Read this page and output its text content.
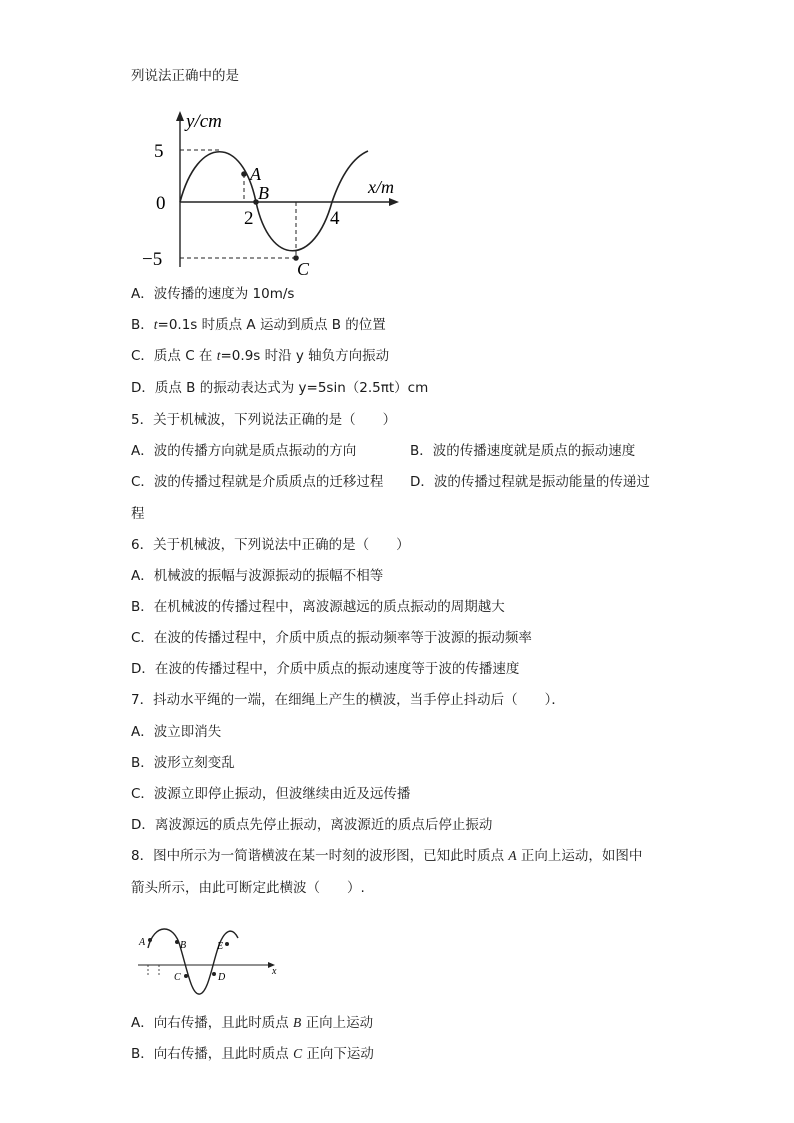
列说法正确中的是
y/cm
x/m
5
0
−5
2	4
A
B
C
A．波传播的速度为 10m/s
B．t=0.1s 时质点 A 运动到质点 B 的位置
C．质点 C 在 t=0.9s 时沿 y 轴负方向振动
D．质点 B 的振动表达式为 y=5sin（2.5πt）cm
5．关于机械波，下列说法正确的是（　　）
A．波的传播方向就是质点振动的方向	B．波的传播速度就是质点的振动速度
C．波的传播过程就是介质质点的迁移过程 D．波的传播过程就是振动能量的传递过
程
6．关于机械波，下列说法中正确的是（　　）
A．机械波的振幅与波源振动的振幅不相等
B．在机械波的传播过程中，离波源越远的质点振动的周期越大
C．在波的传播过程中，介质中质点的振动频率等于波源的振动频率
D．在波的传播过程中，介质中质点的振动速度等于波的传播速度
7．抖动水平绳的一端，在细绳上产生的横波，当手停止抖动后（　　）．
A．波立即消失
B．波形立刻变乱
C．波源立即停止振动，但波继续由近及远传播
D．离波源远的质点先停止振动，离波源近的质点后停止振动
8．图中所示为一简谐横波在某一时刻的波形图，已知此时质点 A 正向上运动，如图中
箭头所示，由此可断定此横波（　　）.
A	B
C	D
E
x
A．向右传播，且此时质点 B 正向上运动
B．向右传播，且此时质点 C 正向下运动
